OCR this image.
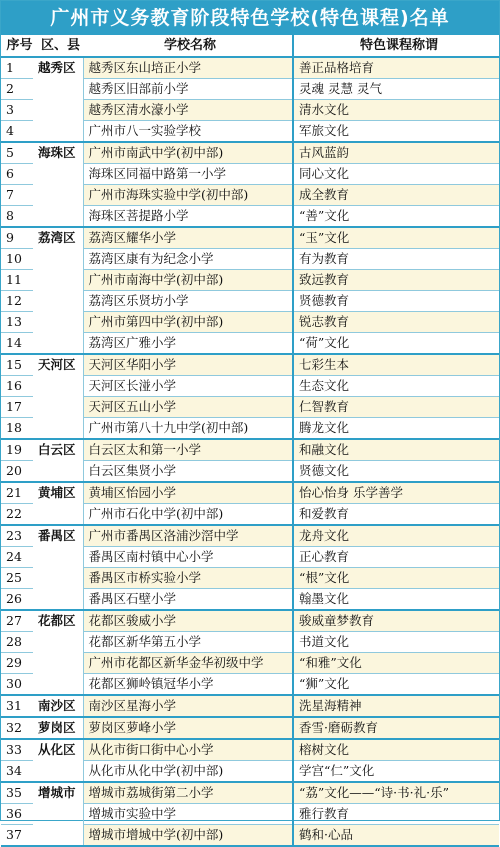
广州市义务教育阶段特色学校(特色课程)名单
序号	区、县	学校名称	特色课程称谓
1	越秀区	越秀区东山培正小学	善正品格培育
2		越秀区旧部前小学	灵魂 灵慧 灵气
3		越秀区清水濠小学	清水文化
4		广州市八一实验学校	军旅文化
5	海珠区	广州市南武中学(初中部)	古风蓝韵
6		海珠区同福中路第一小学	同心文化
7		广州市海珠实验中学(初中部)	成全教育
8		海珠区菩提路小学	“善”文化
9	荔湾区	荔湾区耀华小学	“玉”文化
10		荔湾区康有为纪念小学	有为教育
11		广州市南海中学(初中部)	致远教育
12		荔湾区乐贤坊小学	贤德教育
13		广州市第四中学(初中部)	锐志教育
14		荔湾区广雅小学	“荷”文化
15	天河区	天河区华阳小学	七彩生本
16		天河区长湴小学	生态文化
17		天河区五山小学	仁智教育
18		广州市第八十九中学(初中部)	腾龙文化
19	白云区	白云区太和第一小学	和融文化
20		白云区集贤小学	贤德文化
21	黄埔区	黄埔区怡园小学	怡心怡身 乐学善学
22		广州市石化中学(初中部)	和爱教育
23	番禺区	广州市番禺区洛浦沙滘中学	龙舟文化
24		番禺区南村镇中心小学	正心教育
25		番禺区市桥实验小学	“根”文化
26		番禺区石壁小学	翰墨文化
27	花都区	花都区骏威小学	骏威童梦教育
28		花都区新华第五小学	书道文化
29		广州市花都区新华金华初级中学	“和雅”文化
30		花都区狮岭镇冠华小学	“狮”文化
31	南沙区	南沙区星海小学	洗星海精神
32	萝岗区	萝岗区萝峰小学	香雪·磨砺教育
33	从化区	从化市街口街中心小学	榕树文化
34		从化市从化中学(初中部)	学宫“仁”文化
35	增城市	增城市荔城街第二小学	“荔”文化——“诗·书·礼·乐”
36		增城市实验中学	雅行教育
37		增城市增城中学(初中部)	鹤和·心品
